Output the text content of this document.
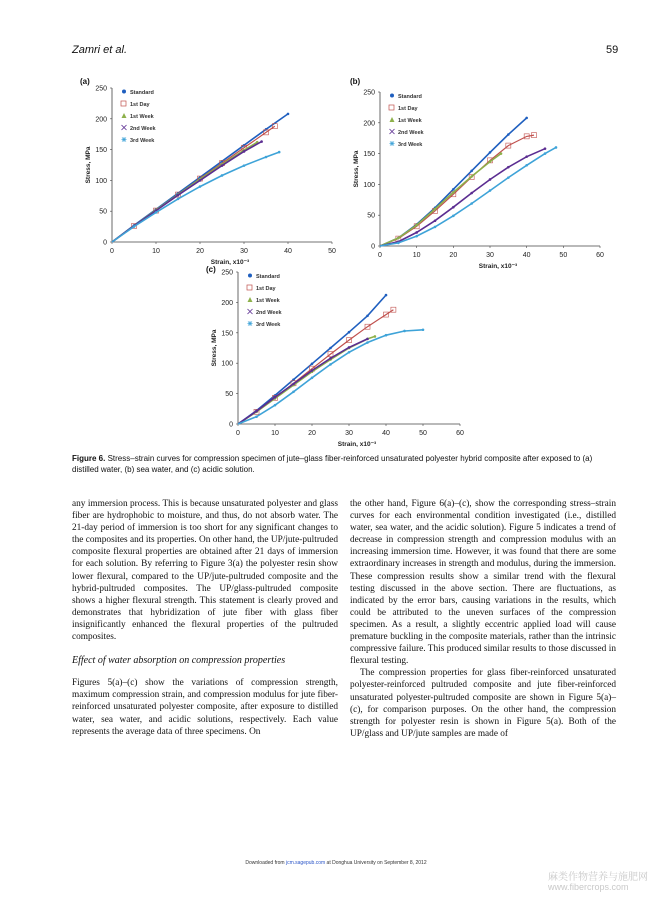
Zamri et al.	59
(a)
0
50
100
150
200
250
0	10	20	30	40	50
Strain, x10⁻³
Stress, MPa
Standard
1st Day
1st Week
2nd Week
3rd Week
(b)
0
50
100
150
200
250
0	10	20	30	40	50	60
Strain, x10⁻³
Stress, MPa
Standard
1st Day
1st Week
2nd Week
3rd Week
(c)
0
50
100
150
200
250
0	10	20	30	40	50	60
Strain, x10⁻³
Stress, MPa
Standard
1st Day
1st Week
2nd Week
3rd Week
Figure 6. Stress–strain curves for compression specimen of jute–glass fiber-reinforced unsaturated polyester hybrid composite after exposed to (a) distilled water, (b) sea water, and (c) acidic solution.

any immersion process. This is because unsaturated polyester and glass fiber are hydrophobic to moisture, and thus, do not absorb water. The 21-day period of immersion is too short for any significant changes to the composites and its properties. On other hand, the UP/jute-pultruded composite flexural properties are obtained after 21 days of immersion for each solution. By referring to Figure 3(a) the polyester resin show lower flexural, compared to the UP/jute-pultruded composite and the hybrid-pultruded composites. The UP/glass-pultruded composite shows a higher flexural strength. This statement is clearly proved and demonstrates that hybridization of jute fiber with glass fiber insignificantly enhanced the flexural properties of the pultruded composites.

Effect of water absorption on compression properties

Figures 5(a)–(c) show the variations of compression strength, maximum compression strain, and compression modulus for jute fiber-reinforced unsaturated polyester composite, after exposure to distilled water, sea water, and acidic solutions, respectively. Each value represents the average data of three specimens. On

the other hand, Figure 6(a)–(c), show the corresponding stress–strain curves for each environmental condition investigated (i.e., distilled water, sea water, and the acidic solution). Figure 5 indicates a trend of decrease in compression strength and compression modulus with an increasing immersion time. However, it was found that there are some extraordinary increases in strength and modulus, during the immersion. These compression results show a similar trend with the flexural testing discussed in the above section. There are fluctuations, as indicated by the error bars, causing variations in the results, which could be attributed to the uneven surfaces of the compression specimen. As a result, a slightly eccentric applied load will cause premature buckling in the composite materials, rather than the intrinsic compressive failure. This produced similar results to those discussed in flexural testing.

The compression properties for glass fiber-reinforced unsaturated polyester-reinforced pultruded composite and jute fiber-reinforced unsaturated polyester-pultruded composite are shown in Figure 5(a)–(c), for comparison purposes. On the other hand, the compression strength for polyester resin is shown in Figure 5(a). Both of the UP/glass and UP/jute samples are made of

Downloaded from jcm.sagepub.com at Donghua University on September 8, 2012
麻类作物营养与施肥网
www.fibercrops.com
